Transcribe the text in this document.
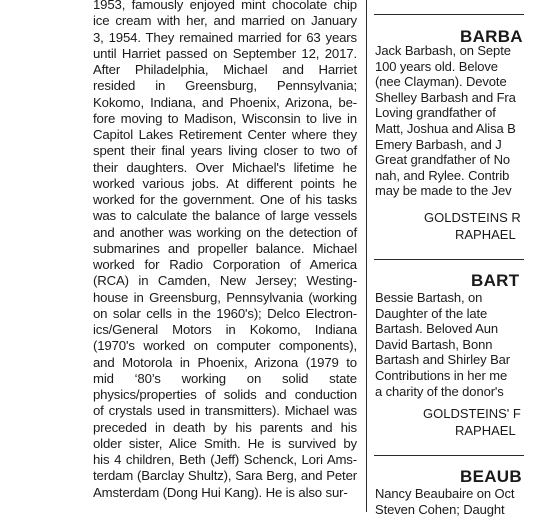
1953, famously enjoyed mint chocolate chip
ice cream with her, and married on January
3, 1954. They remained married for 63 years
until Harriet passed on September 12, 2017.
After Philadelphia, Michael and Harriet
resided in Greensburg, Pennsylvania;
Kokomo, Indiana, and Phoenix, Arizona, be-
fore moving to Madison, Wisconsin to live in
Capitol Lakes Retirement Center where they
spent their final years living closer to two of
their daughters. Over Michael's lifetime he
worked various jobs. At different points he
worked for the government. One of his tasks
was to calculate the balance of large vessels
and another was working on the detection of
submarines and propeller balance. Michael
worked for Radio Corporation of America
(RCA) in Camden, New Jersey; Westing-
house in Greensburg, Pennsylvania (working
on solar cells in the 1960's); Delco Electron-
ics/General Motors in Kokomo, Indiana
(1970's worked on computer components),
and Motorola in Phoenix, Arizona (1979 to
mid ‘80’s working on solid state
physics/properties of solids and conduction
of crystals used in transmitters). Michael was
preceded in death by his parents and his
older sister, Alice Smith. He is survived by
his 4 children, Beth (Jeff) Schenck, Lori Ams-
terdam (Barclay Shultz), Sara Berg, and Peter
Amsterdam (Dong Hui Kang). He is also sur-
BARBA
Jack Barbash, on Septe
100 years old. Belove
(nee Clayman). Devote
Shelley Barbash and Fra
Loving grandfather of
Matt, Joshua and Alisa B
Emery Barbash, and J
Great grandfather of No
nah, and Rylee. Contrib
may be made to the Jev
GOLDSTEINS R
RAPHAEL
BART
Bessie Bartash, on
Daughter of the late
Bartash. Beloved Aun
David Bartash, Bonn
Bartash and Shirley Bar
Contributions in her me
a charity of the donor's
GOLDSTEINS' F
RAPHAEL
BEAUB
Nancy Beaubaire on Oct
Steven Cohen; Daught
